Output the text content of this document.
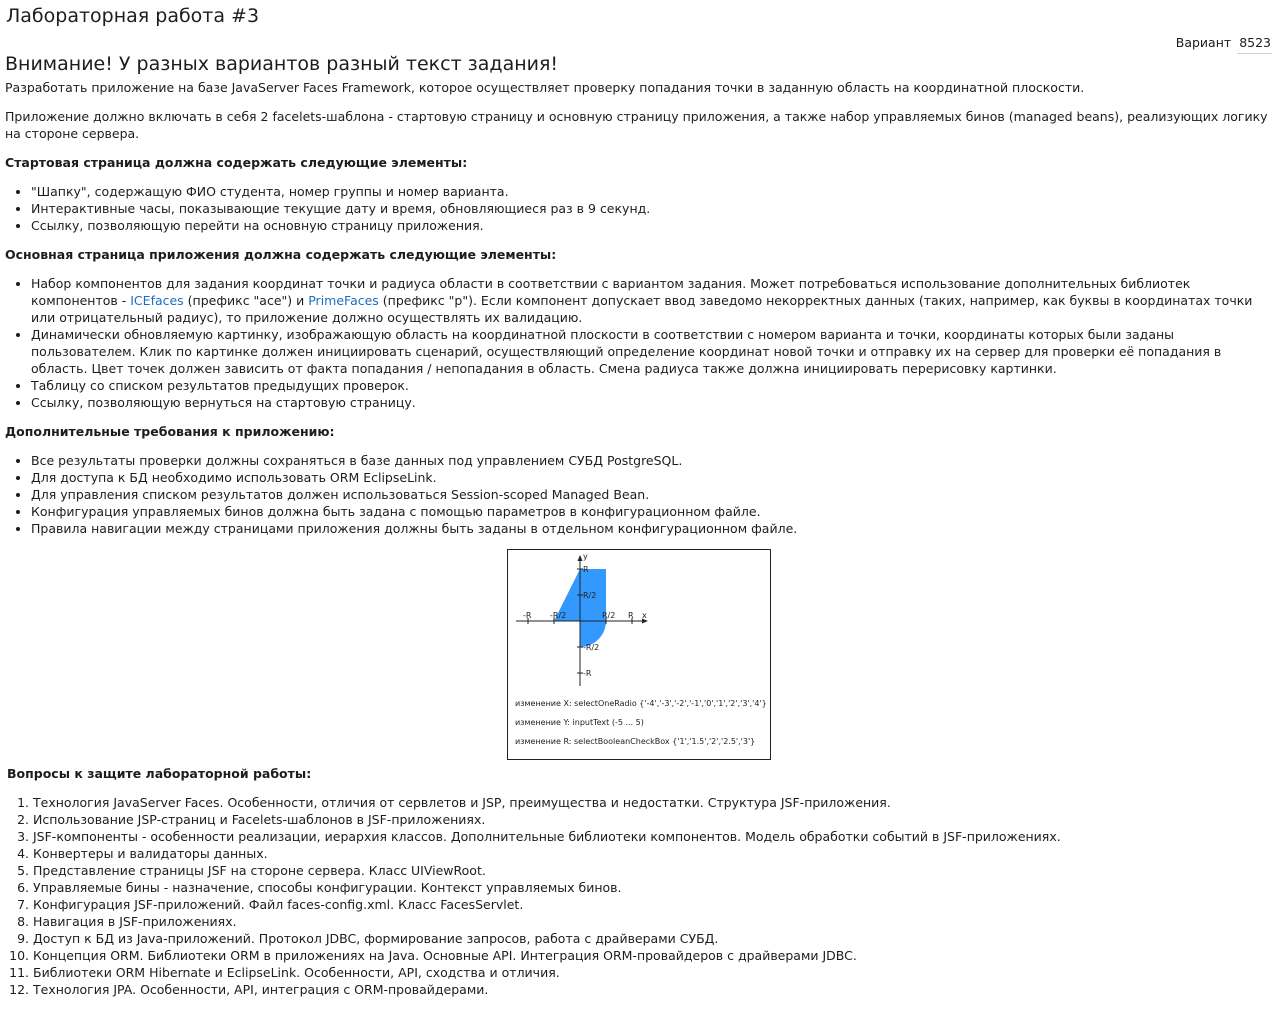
Лабораторная работа #3
Вариант 8523
Внимание! У разных вариантов разный текст задания!

Разработать приложение на базе JavaServer Faces Framework, которое осуществляет проверку попадания точки в заданную область на координатной плоскости.

Приложение должно включать в себя 2 facelets-шаблона - стартовую страницу и основную страницу приложения, а также набор управляемых бинов (managed beans), реализующих логику на стороне сервера.

Стартовая страница должна содержать следующие элементы:
• "Шапку", содержащую ФИО студента, номер группы и номер варианта.
• Интерактивные часы, показывающие текущие дату и время, обновляющиеся раз в 9 секунд.
• Ссылку, позволяющую перейти на основную страницу приложения.
Основная страница приложения должна содержать следующие элементы:
• Набор компонентов для задания координат точки и радиуса области в соответствии с вариантом задания. Может потребоваться использование дополнительных библиотек компонентов - ICEfaces (префикс "ace") и PrimeFaces (префикс "p"). Если компонент допускает ввод заведомо некорректных данных (таких, например, как буквы в координатах точки или отрицательный радиус), то приложение должно осуществлять их валидацию.
• Динамически обновляемую картинку, изображающую область на координатной плоскости в соответствии с номером варианта и точки, координаты которых были заданы пользователем. Клик по картинке должен инициировать сценарий, осуществляющий определение координат новой точки и отправку их на сервер для проверки её попадания в область. Цвет точек должен зависить от факта попадания / непопадания в область. Смена радиуса также должна инициировать перерисовку картинки.
• Таблицу со списком результатов предыдущих проверок.
• Ссылку, позволяющую вернуться на стартовую страницу.
Дополнительные требования к приложению:
• Все результаты проверки должны сохраняться в базе данных под управлением СУБД PostgreSQL.
• Для доступа к БД необходимо использовать ORM EclipseLink.
• Для управления списком результатов должен использоваться Session-scoped Managed Bean.
• Конфигурация управляемых бинов должна быть задана с помощью параметров в конфигурационном файле.
• Правила навигации между страницами приложения должны быть заданы в отдельном конфигурационном файле.
y
x
R
R/2
-R -R/2	R/2 R
-R/2
-R
изменение X: selectOneRadio {'-4','-3','-2','-1','0','1','2','3','4'}
изменение Y: inputText (-5 ... 5)
изменение R: selectBooleanCheckBox {'1','1.5','2','2.5','3'}
Вопросы к защите лабораторной работы:
1. Технология JavaServer Faces. Особенности, отличия от сервлетов и JSP, преимущества и недостатки. Структура JSF-приложения.
2. Использование JSP-страниц и Facelets-шаблонов в JSF-приложениях.
3. JSF-компоненты - особенности реализации, иерархия классов. Дополнительные библиотеки компонентов. Модель обработки событий в JSF-приложениях.
4. Конвертеры и валидаторы данных.
5. Представление страницы JSF на стороне сервера. Класс UIViewRoot.
6. Управляемые бины - назначение, способы конфигурации. Контекст управляемых бинов.
7. Конфигурация JSF-приложений. Файл faces-config.xml. Класс FacesServlet.
8. Навигация в JSF-приложениях.
9. Доступ к БД из Java-приложений. Протокол JDBC, формирование запросов, работа с драйверами СУБД.
10. Концепция ORM. Библиотеки ORM в приложениях на Java. Основные API. Интеграция ORM-провайдеров с драйверами JDBC.
11. Библиотеки ORM Hibernate и EclipseLink. Особенности, API, сходства и отличия.
12. Технология JPA. Особенности, API, интеграция с ORM-провайдерами.
